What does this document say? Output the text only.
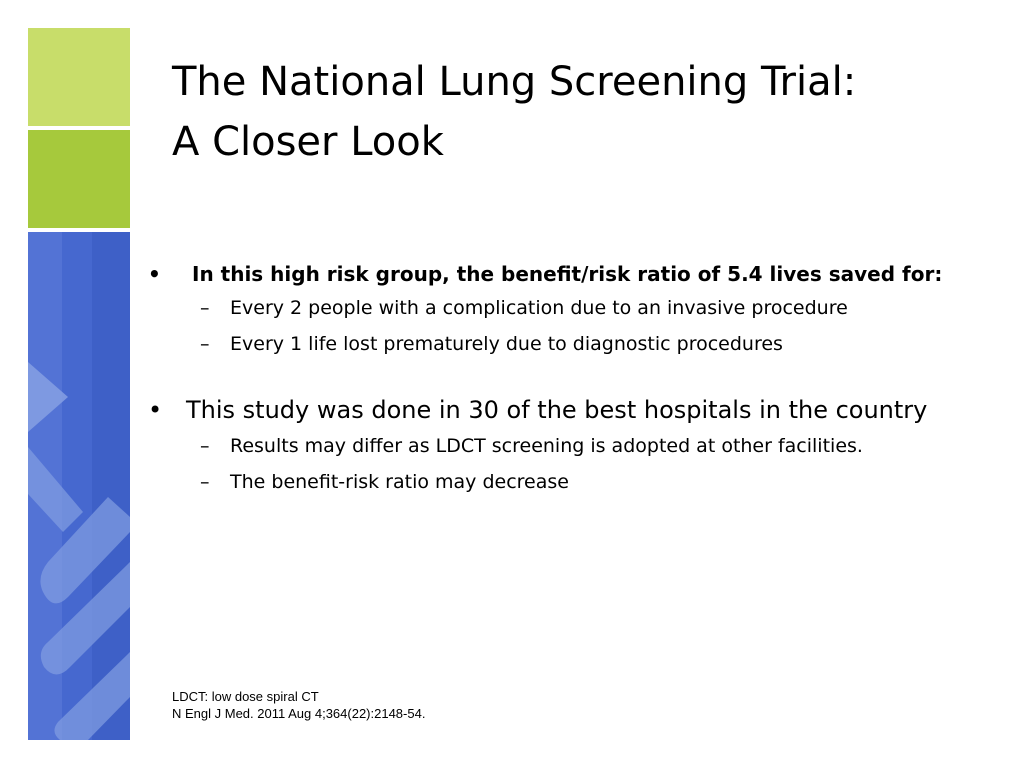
The National Lung Screening Trial:
A Closer Look

• In this high risk group, the benefit/risk ratio of 5.4 lives saved for:

– Every 2 people with a complication due to an invasive procedure

– Every 1 life lost prematurely due to diagnostic procedures

• This study was done in 30 of the best hospitals in the country

– Results may differ as LDCT screening is adopted at other facilities.

– The benefit-risk ratio may decrease

LDCT: low dose spiral CT
N Engl J Med. 2011 Aug 4;364(22):2148-54.
